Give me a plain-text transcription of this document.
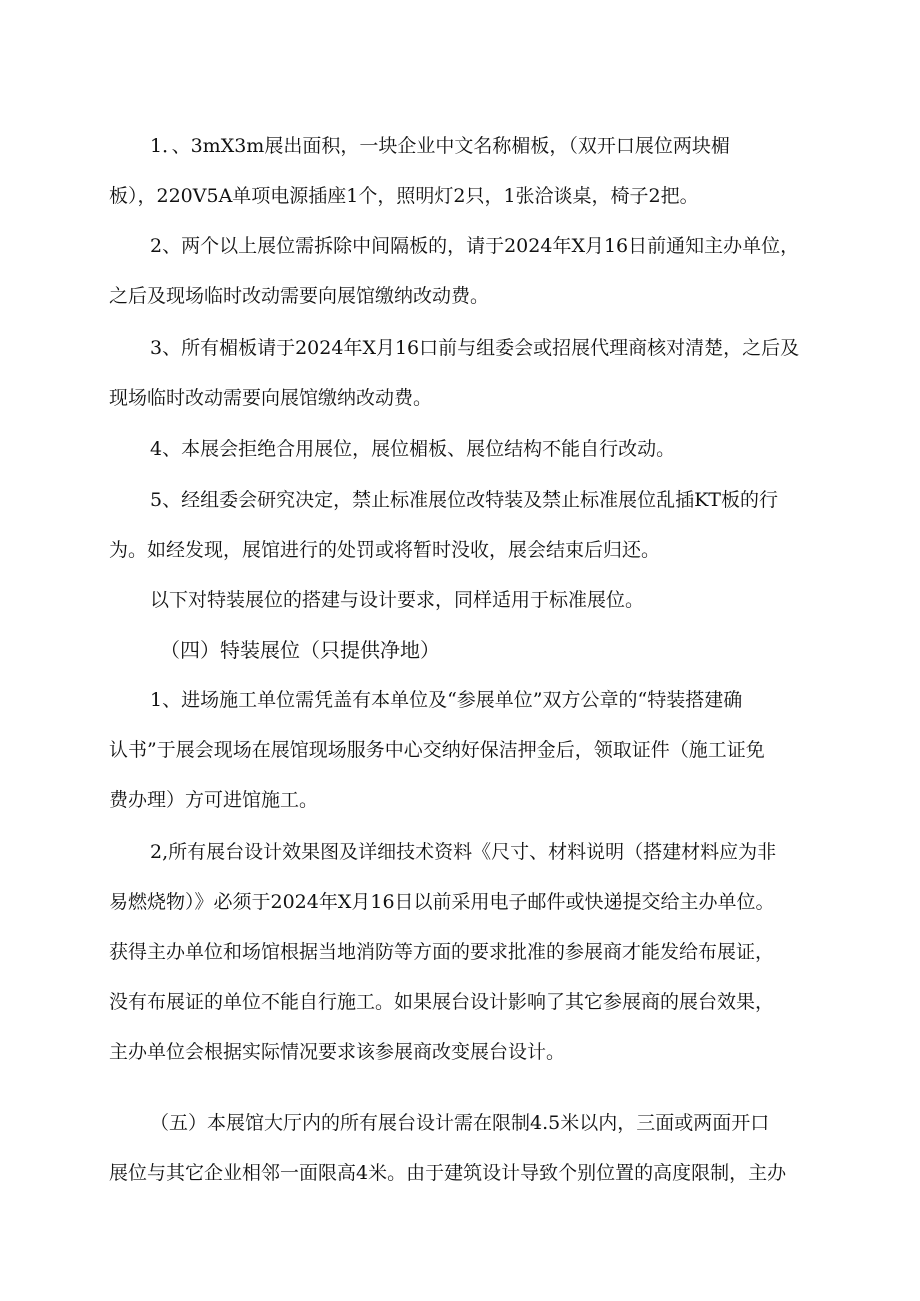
1．、3mX3m展出面积，一块企业中文名称楣板，（双开口展位两块楣
板），220V5A单项电源插座1个，照明灯2只，1张洽谈桌，椅子2把。
2、两个以上展位需拆除中间隔板的，请于2024年X月16日前通知主办单位，
之后及现场临时改动需要向展馆缴纳改动费。
3、所有楣板请于2024年X月16口前与组委会或招展代理商核对清楚，之后及
现场临时改动需要向展馆缴纳改动费。
4、本展会拒绝合用展位，展位楣板、展位结构不能自行改动。
5、经组委会研究决定，禁止标准展位改特装及禁止标准展位乱插KT板的行
为。如经发现，展馆进行的处罚或将暂时没收，展会结束后归还。
以下对特装展位的搭建与设计要求，同样适用于标准展位。
（四）特装展位（只提供净地）
1、进场施工单位需凭盖有本单位及“参展单位”双方公章的“特装搭建确
认书”于展会现场在展馆现场服务中心交纳好保洁押金后，领取证件（施工证免
费办理）方可进馆施工。
2,所有展台设计效果图及详细技术资料《尺寸、材料说明（搭建材料应为非
易燃烧物）》必须于2024年X月16日以前采用电子邮件或快递提交给主办单位。
获得主办单位和场馆根据当地消防等方面的要求批准的参展商才能发给布展证，
没有布展证的单位不能自行施工。如果展台设计影响了其它参展商的展台效果，
主办单位会根据实际情况要求该参展商改变展台设计。
（五）本展馆大厅内的所有展台设计需在限制4.5米以内，三面或两面开口
展位与其它企业相邻一面限高4米。由于建筑设计导致个别位置的高度限制，主办
